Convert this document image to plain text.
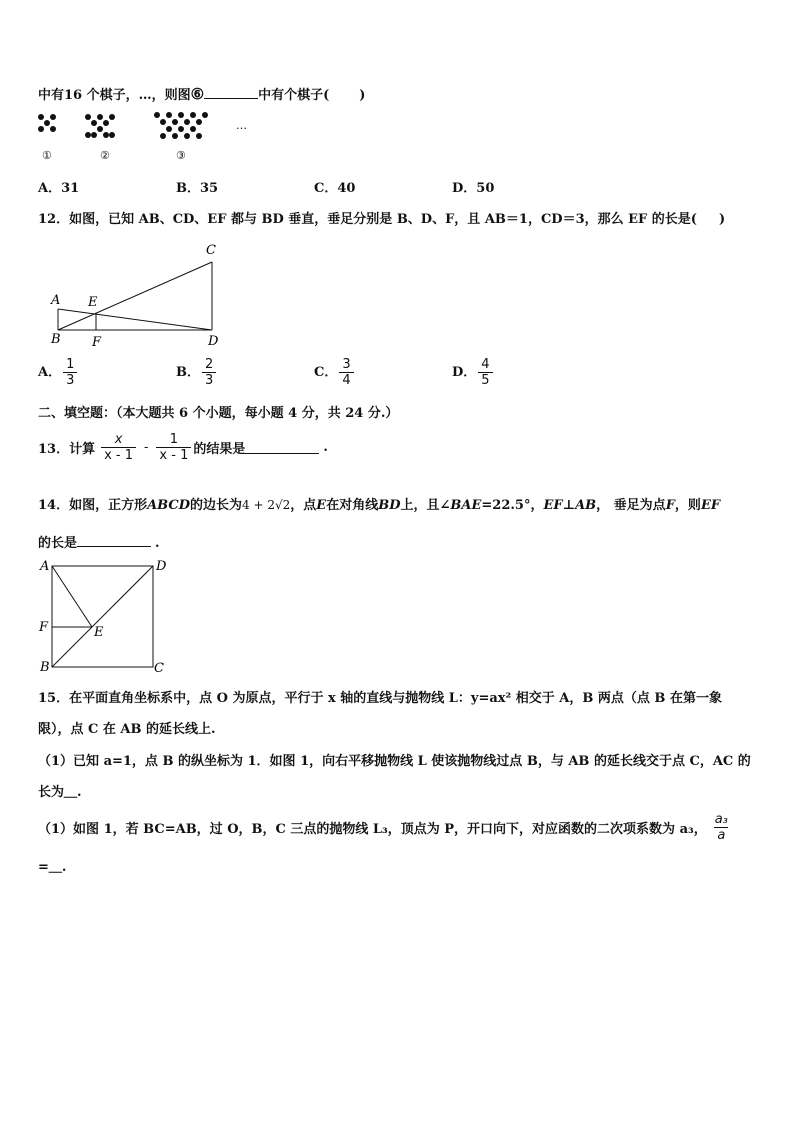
中有16 个棋子，…，则图⑥	中有个棋子( )
…
①	②	③
A．31	B．35	C．40	D．50
12．如图，已知 AB、CD、EF 都与 BD 垂直，垂足分别是 B、D、F，且 AB＝1，CD＝3，那么 EF 的长是( )
A
B
C
D
E
F
A． $\frac{1}{3}$	B． $\frac{2}{3}$	C． $\frac{3}{4}$	D． $\frac{4}{5}$
二、填空题：（本大题共 6 个小题，每小题 4 分，共 24 分.）
13．计算 $\frac{x}{x - 1} - \frac{1}{x - 1}$ 的结果是	.
14．如图，正方形ABCD的边长为4 + 2√2，点E在对角线BD上，且∠BAE=22.5°，EF⊥AB， 垂足为点F，则EF
的长是	.
A	D
F	E
B	C
15．在平面直角坐标系中，点 O 为原点，平行于 x 轴的直线与抛物线 L：y=ax² 相交于 A，B 两点（点 B 在第一象
限），点 C 在 AB 的延长线上.
（1）已知 a=1，点 B 的纵坐标为 1．如图 1，向右平移抛物线 L 使该抛物线过点 B，与 AB 的延长线交于点 C，AC 的
长为＿.
（1）如图 1，若 BC=AB，过 O，B，C 三点的抛物线 L₃，顶点为 P，开口向下，对应函数的二次项系数为 a₃， $\frac{\text{a₃}}{a}$
=＿.
